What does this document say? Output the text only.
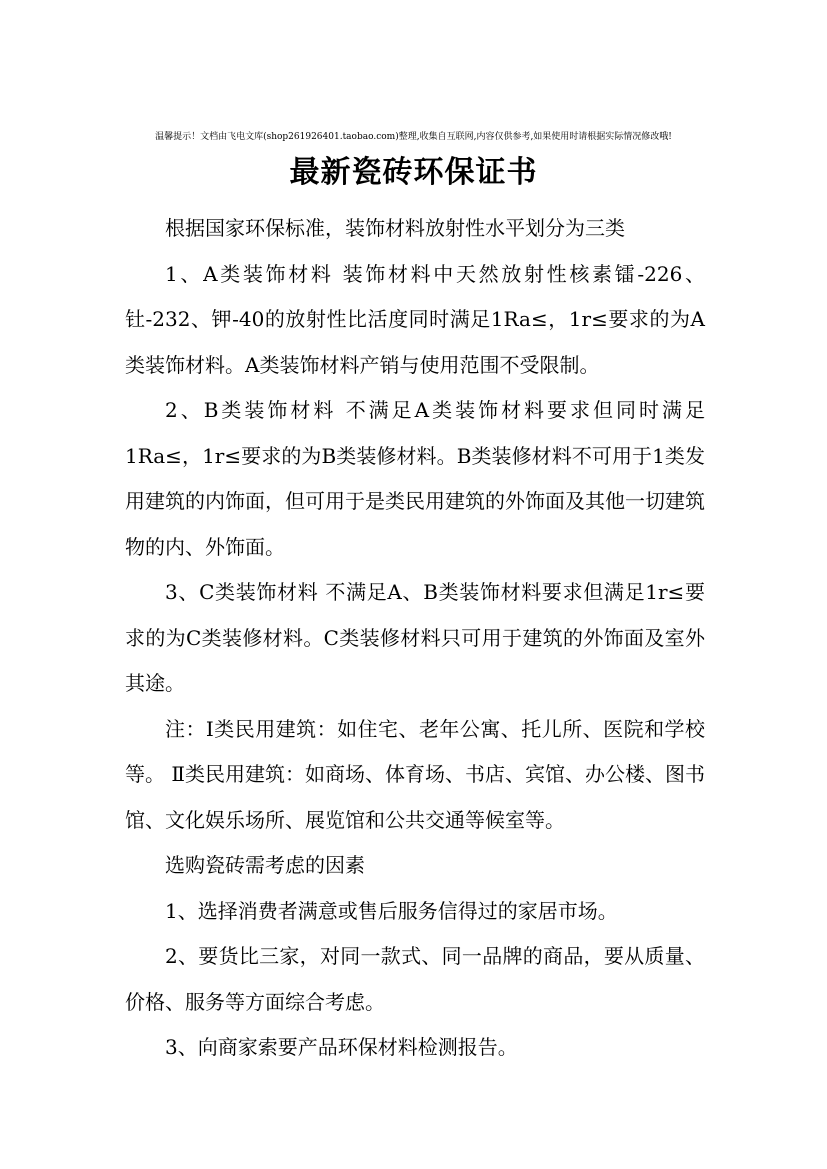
温馨提示！文档由飞电文库(shop261926401.taobao.com)整理,收集自互联网,内容仅供参考,如果使用时请根据实际情况修改哦!
最新瓷砖环保证书

根据国家环保标准，装饰材料放射性水平划分为三类

1、A类装饰材料 装饰材料中天然放射性核素镭-226、钍-232、钾-40的放射性比活度同时满足1Ra≤，1r≤要求的为A类装饰材料。A类装饰材料产销与使用范围不受限制。

2、B类装饰材料 不满足A类装饰材料要求但同时满足1Ra≤，1r≤要求的为B类装修材料。B类装修材料不可用于1类发用建筑的内饰面，但可用于是类民用建筑的外饰面及其他一切建筑物的内、外饰面。

3、C类装饰材料 不满足A、B类装饰材料要求但满足1r≤要求的为C类装修材料。C类装修材料只可用于建筑的外饰面及室外其途。

注：Ⅰ类民用建筑：如住宅、老年公寓、托儿所、医院和学校等。 Ⅱ类民用建筑：如商场、体育场、书店、宾馆、办公楼、图书馆、文化娱乐场所、展览馆和公共交通等候室等。

选购瓷砖需考虑的因素

1、选择消费者满意或售后服务信得过的家居市场。

2、要货比三家，对同一款式、同一品牌的商品，要从质量、价格、服务等方面综合考虑。

3、向商家索要产品环保材料检测报告。
